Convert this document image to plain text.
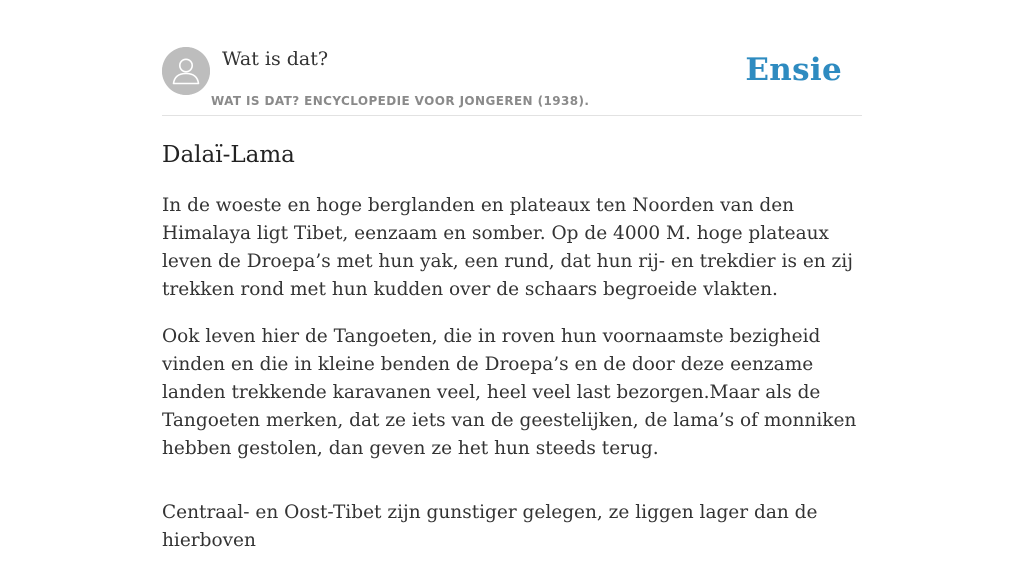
Wat is dat?
WAT IS DAT? ENCYCLOPEDIE VOOR JONGEREN (1938).
Ensie
Dalaï-Lama

In de woeste en hoge berglanden en plateaux ten Noorden van den Himalaya ligt Tibet, eenzaam en somber. Op de 4000 M. hoge plateaux leven de Droepa’s met hun yak, een rund, dat hun rij- en trekdier is en zij trekken rond met hun kudden over de schaars begroeide vlakten.

Ook leven hier de Tangoeten, die in roven hun voornaamste bezigheid vinden en die in kleine benden de Droepa’s en de door deze eenzame landen trekkende karavanen veel, heel veel last bezorgen.Maar als de Tangoeten merken, dat ze iets van de geestelijken, de lama’s of monniken hebben gestolen, dan geven ze het hun steeds terug.

Centraal- en Oost-Tibet zijn gunstiger gelegen, ze liggen lager dan de hierboven
